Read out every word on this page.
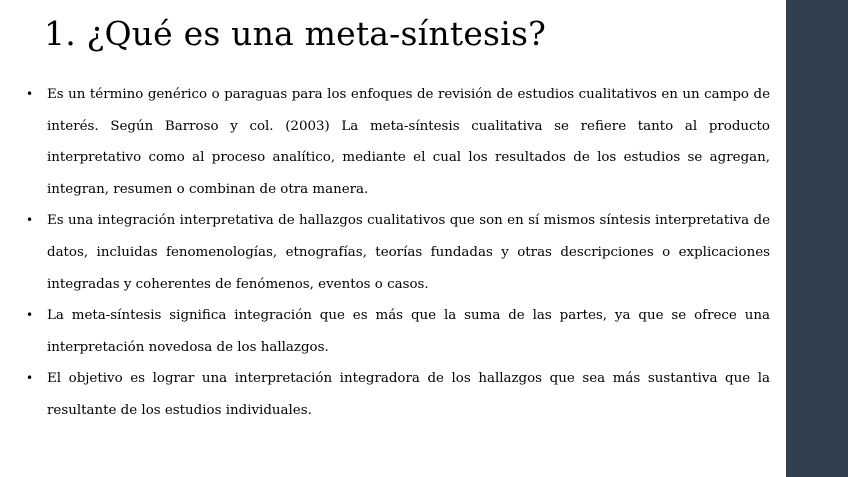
1. ¿Qué es una meta-síntesis?
• Es un término genérico o paraguas para los enfoques de revisión de estudios cualitativos en un campo de interés. Según Barroso y col. (2003) La meta-síntesis cualitativa se refiere tanto al producto interpretativo como al proceso analítico, mediante el cual los resultados de los estudios se agregan, integran, resumen o combinan de otra manera.
• Es una integración interpretativa de hallazgos cualitativos que son en sí mismos síntesis interpretativa de datos, incluidas fenomenologías, etnografías, teorías fundadas y otras descripciones o explicaciones integradas y coherentes de fenómenos, eventos o casos.
• La meta-síntesis significa integración que es más que la suma de las partes, ya que se ofrece una interpretación novedosa de los hallazgos.
• El objetivo es lograr una interpretación integradora de los hallazgos que sea más sustantiva que la resultante de los estudios individuales.
